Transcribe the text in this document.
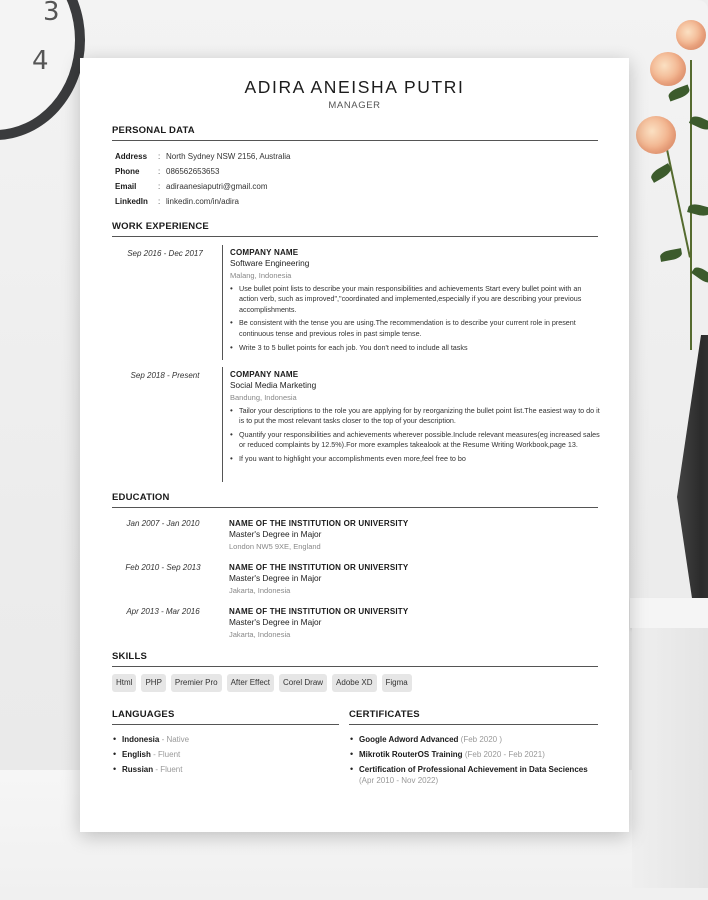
3
4
ADIRA ANEISHA PUTRI
MANAGER
PERSONAL DATA
Address	: North Sydney NSW 2156, Australia
Phone	: 086562653653
Email	: adiraanesiaputri@gmail.com
LinkedIn	: linkedin.com/in/adira
WORK EXPERIENCE
Sep 2016 - Dec 2017	COMPANY NAME
Software Engineering
Malang, Indonesia
• Use bullet point lists to describe your main responsibilities and achievements Start every bullet point with an action verb, such as improved","coordinated and implemented,especially if you are describing your previous accomplishments.
• Be consistent with the tense you are using.The recommendation is to describe your current role in present continuous tense and previous roles in past simple tense.
• Write 3 to 5 bullet points for each job. You don't need to include all tasks
Sep 2018 - Present	COMPANY NAME
Social Media Marketing
Bandung, Indonesia
• Tailor your descriptions to the role you are applying for by reorganizing the bullet point list.The easiest way to do it is to put the most relevant tasks closer to the top of your description.
• Quantify your responsibilities and achievements wherever possible.Include relevant measures(eg increased sales or reduced complaints by 12.5%).For more examples takealook at the Resume Writing Workbook,page 13.
• If you want to highlight your accomplishments even more,feel free to bo
EDUCATION
Jan 2007 - Jan 2010	NAME OF THE INSTITUTION OR UNIVERSITY
Master's Degree in Major
London NW5 9XE, England
Feb 2010 - Sep 2013	NAME OF THE INSTITUTION OR UNIVERSITY
Master's Degree in Major
Jakarta, Indonesia
Apr 2013 - Mar 2016	NAME OF THE INSTITUTION OR UNIVERSITY
Master's Degree in Major
Jakarta, Indonesia
SKILLS
Html	PHP	Premier Pro	After Effect	Corel Draw	Adobe XD	Figma
LANGUAGES
• Indonesia - Native
• English - Fluent
• Russian - Fluent
CERTIFICATES
• Google Adword Advanced (Feb 2020 )
• Mikrotik RouterOS Training (Feb 2020 - Feb 2021)
• Certification of Professional Achievement in Data Seciences (Apr 2010 - Nov 2022)
